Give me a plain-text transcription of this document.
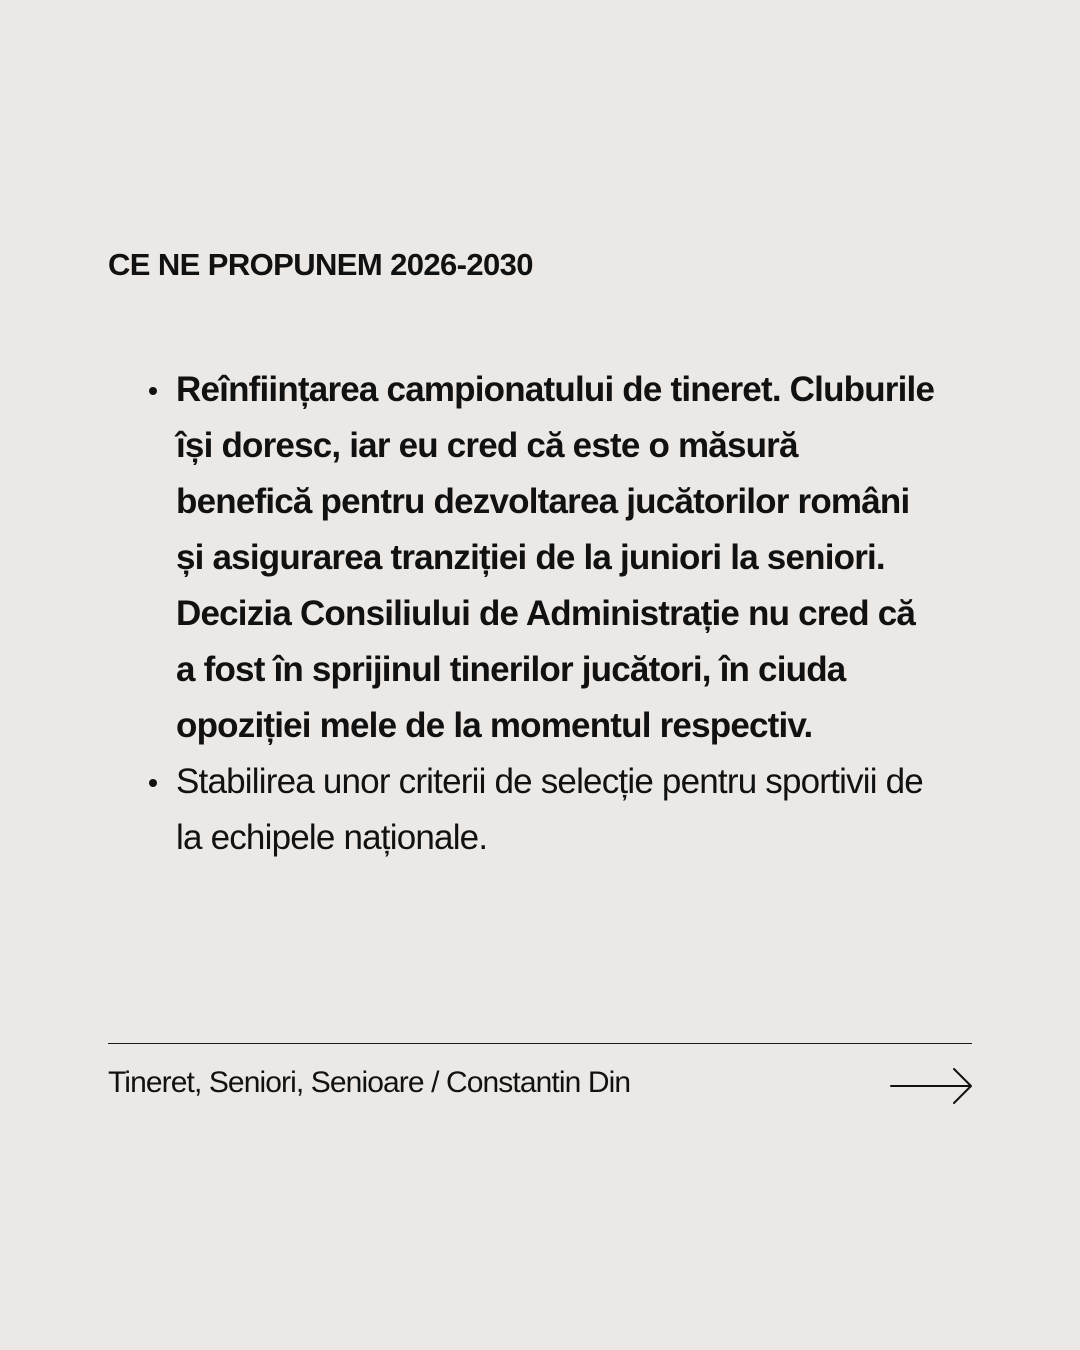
CE NE PROPUNEM 2026-2030
Reînființarea campionatului de tineret. Cluburile își doresc, iar eu cred că este o măsură benefică pentru dezvoltarea jucătorilor români și asigurarea tranziției de la juniori la seniori. Decizia Consiliului de Administrație nu cred că a fost în sprijinul tinerilor jucători, în ciuda opoziției mele de la momentul respectiv.
Stabilirea unor criterii de selecție pentru sportivii de la echipele naționale.

Tineret, Seniori, Senioare / Constantin Din
